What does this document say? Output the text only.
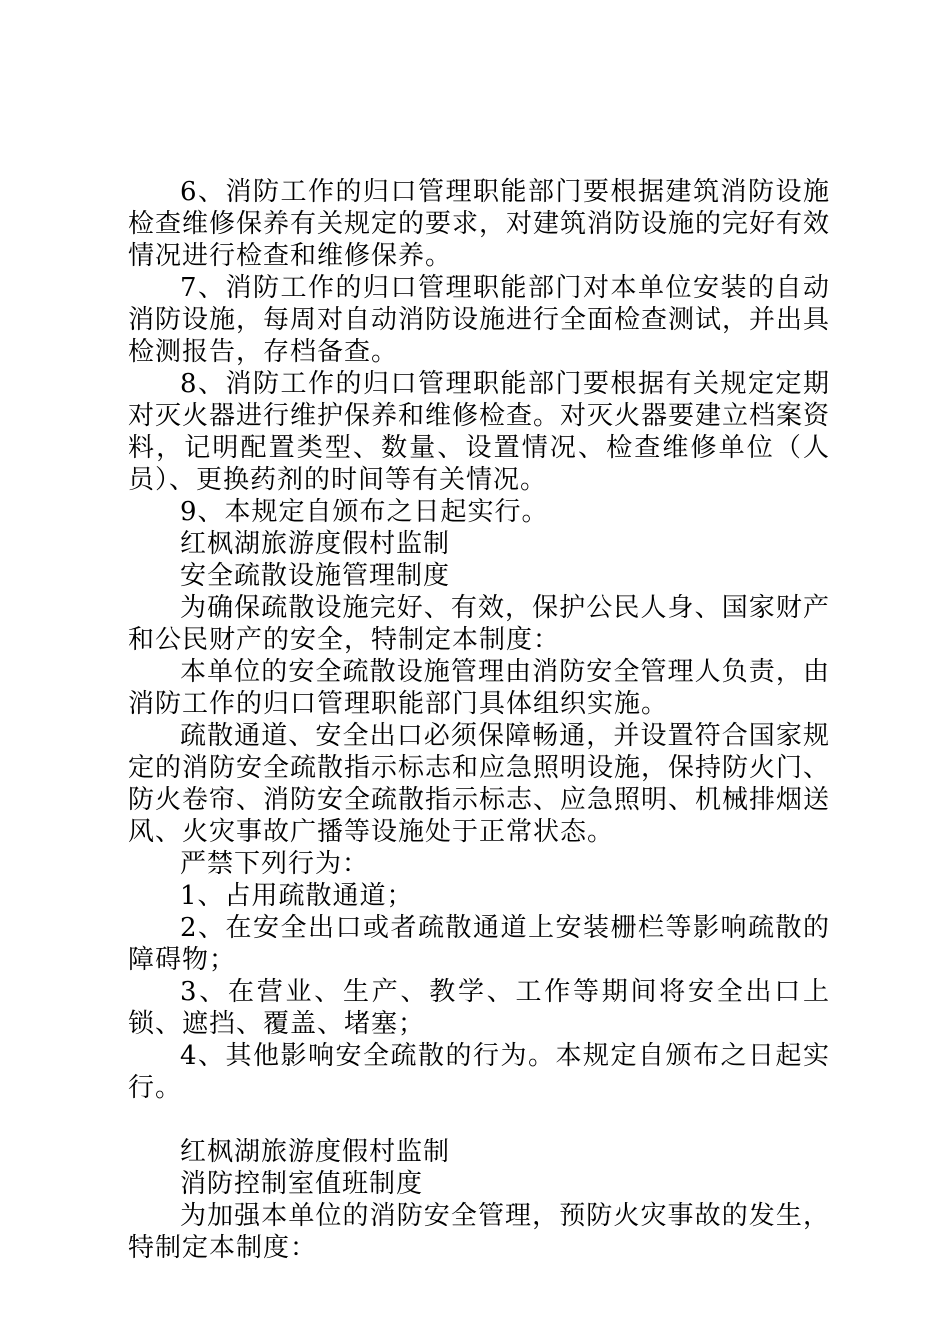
6、消防工作的归口管理职能部门要根据建筑消防设施检查维修保养有关规定的要求，对建筑消防设施的完好有效情况进行检查和维修保养。

7、消防工作的归口管理职能部门对本单位安装的自动消防设施，每周对自动消防设施进行全面检查测试，并出具检测报告，存档备查。

8、消防工作的归口管理职能部门要根据有关规定定期对灭火器进行维护保养和维修检查。对灭火器要建立档案资料，记明配置类型、数量、设置情况、检查维修单位（人员）、更换药剂的时间等有关情况。

9、本规定自颁布之日起实行。

红枫湖旅游度假村监制

安全疏散设施管理制度

为确保疏散设施完好、有效，保护公民人身、国家财产和公民财产的安全，特制定本制度：

本单位的安全疏散设施管理由消防安全管理人负责，由消防工作的归口管理职能部门具体组织实施。

疏散通道、安全出口必须保障畅通，并设置符合国家规定的消防安全疏散指示标志和应急照明设施，保持防火门、防火卷帘、消防安全疏散指示标志、应急照明、机械排烟送风、火灾事故广播等设施处于正常状态。

严禁下列行为：

1、占用疏散通道；

2、在安全出口或者疏散通道上安装栅栏等影响疏散的障碍物；

3、在营业、生产、教学、工作等期间将安全出口上锁、遮挡、覆盖、堵塞；

4、其他影响安全疏散的行为。本规定自颁布之日起实行。

红枫湖旅游度假村监制

消防控制室值班制度

为加强本单位的消防安全管理，预防火灾事故的发生，特制定本制度：
